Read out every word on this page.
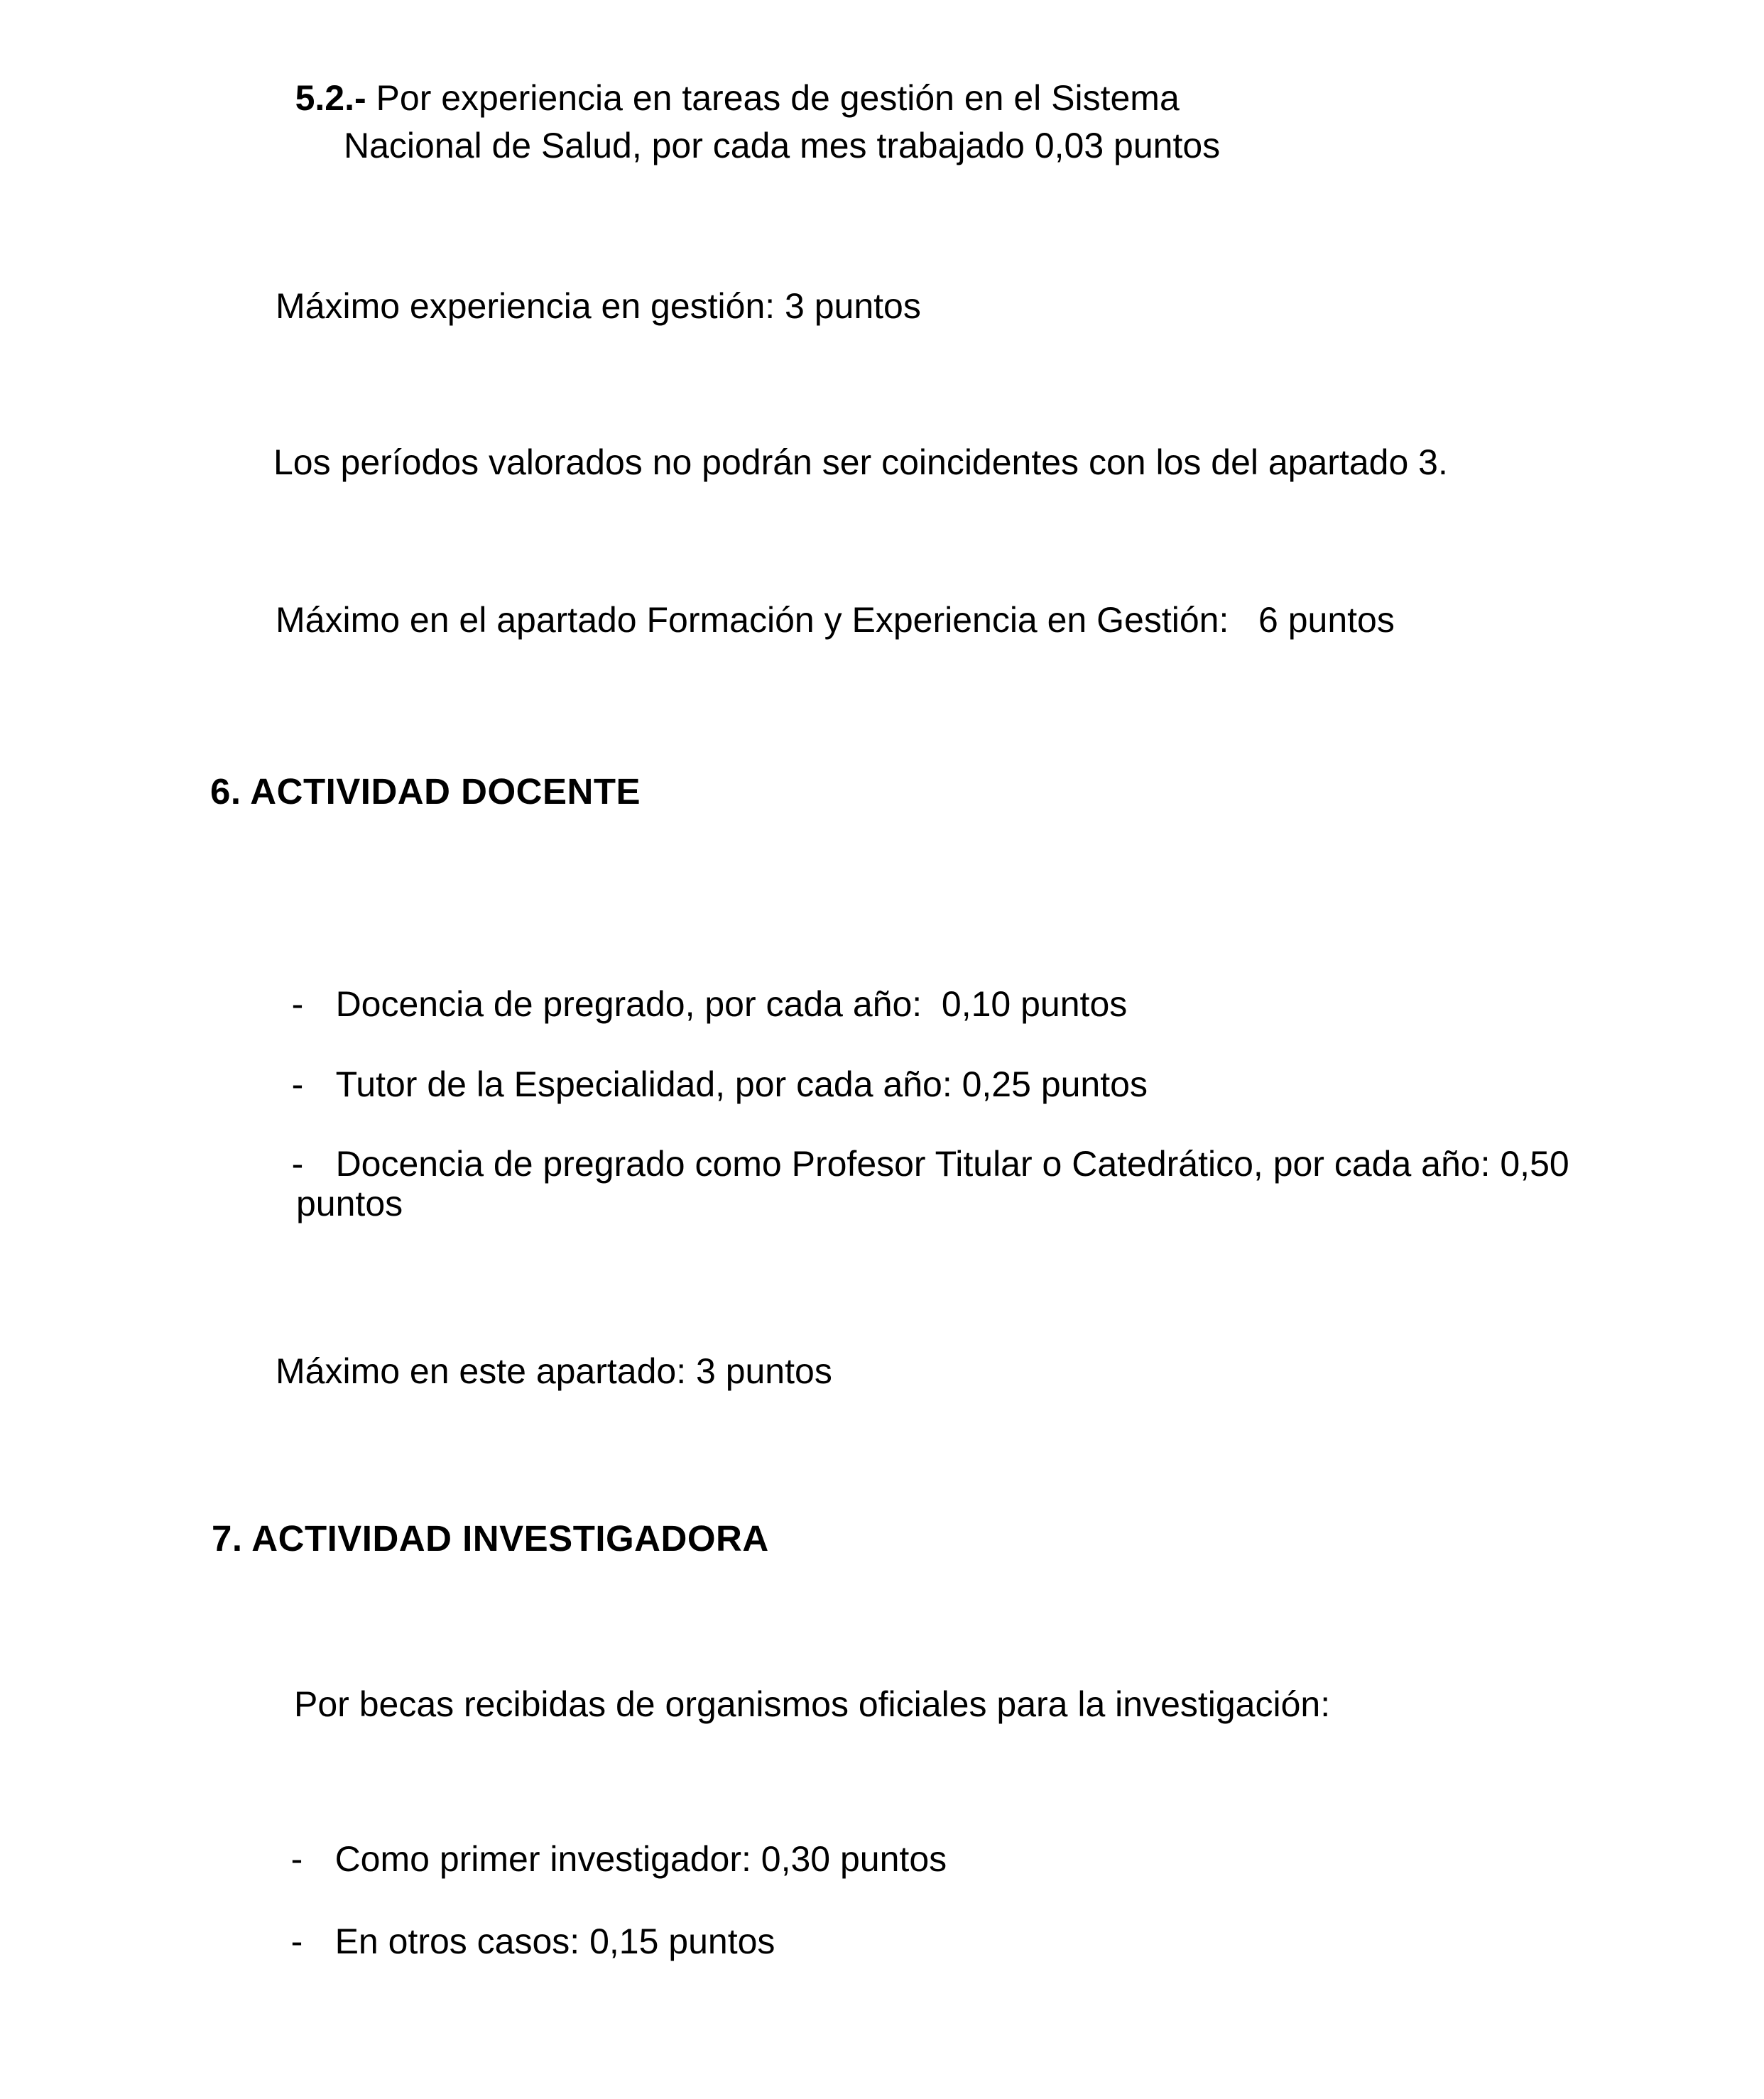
5.2.- Por experiencia en tareas de gestión en el Sistema

Nacional de Salud, por cada mes trabajado 0,03 puntos
Máximo experiencia en gestión: 3 puntos
Los períodos valorados no podrán ser coincidentes con los del apartado 3.
Máximo en el apartado Formación y Experiencia en Gestión:   6 puntos
6. ACTIVIDAD DOCENTE

- Docencia de pregrado, por cada año:  0,10 puntos

- Tutor de la Especialidad, por cada año: 0,25 puntos

- Docencia de pregrado como Profesor Titular o Catedrático, por cada año: 0,50

puntos
Máximo en este apartado: 3 puntos
7. ACTIVIDAD INVESTIGADORA
Por becas recibidas de organismos oficiales para la investigación:

- Como primer investigador: 0,30 puntos

- En otros casos: 0,15 puntos
